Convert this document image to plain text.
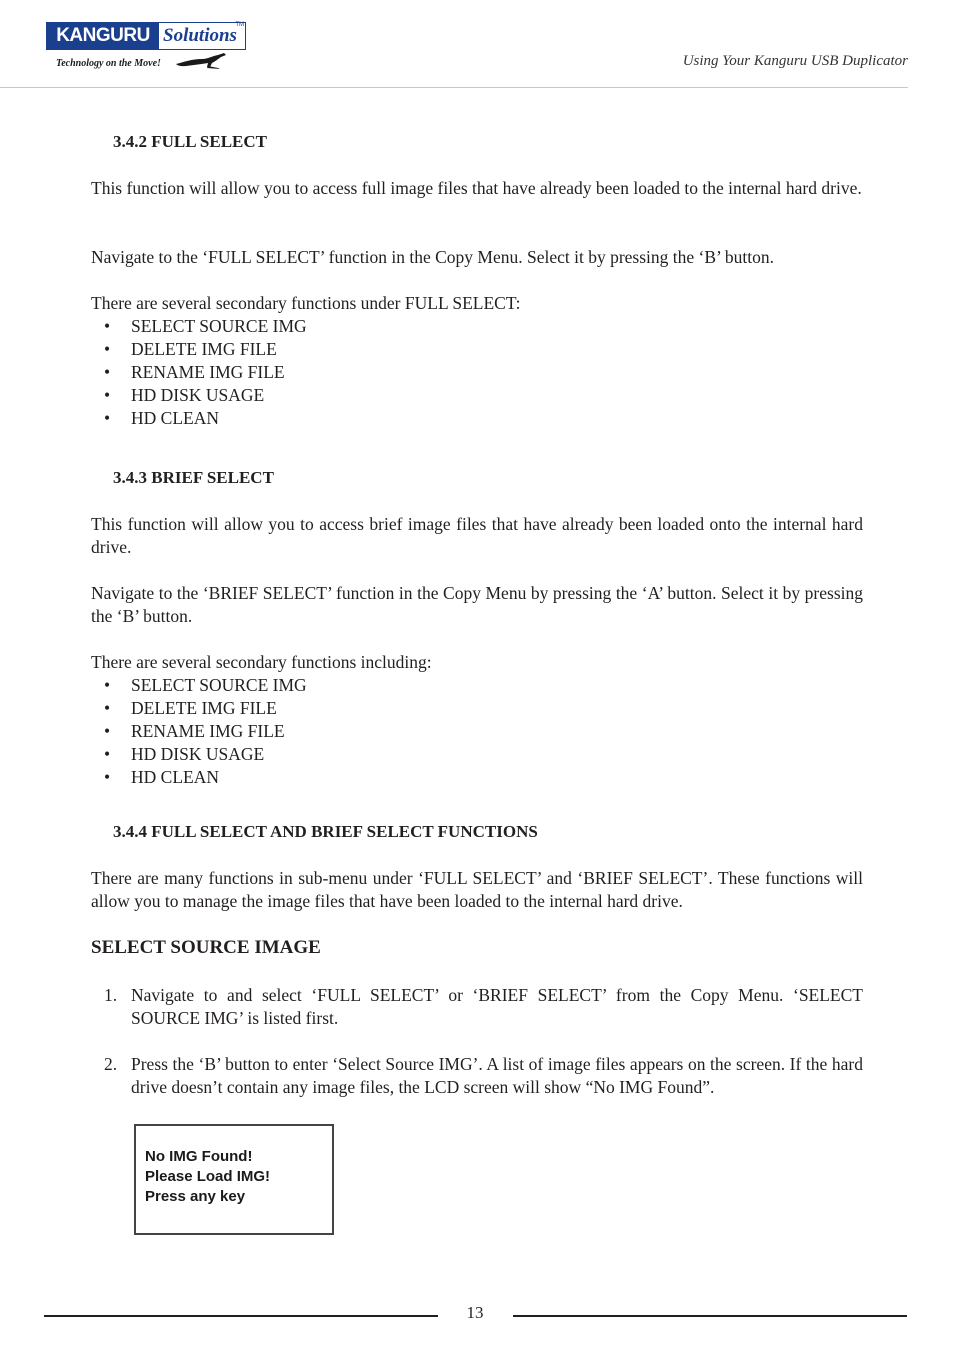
KANGURU Solutions
TM
Technology on the Move!	Using Your Kanguru USB Duplicator
3.4.2 FULL SELECT
This function will allow you to access full image files that have already been loaded to the internal hard drive.
Navigate to the ‘FULL SELECT’ function in the Copy Menu. Select it by pressing the ‘B’ button.
There are several secondary functions under FULL SELECT:
• SELECT SOURCE IMG
• DELETE IMG FILE
• RENAME IMG FILE
• HD DISK USAGE
• HD CLEAN
3.4.3 BRIEF SELECT
This function will allow you to access brief image files that have already been loaded onto the internal hard drive.
Navigate to the ‘BRIEF SELECT’ function in the Copy Menu by pressing the ‘A’ button. Select it by pressing the ‘B’ button.
There are several secondary functions including:
• SELECT SOURCE IMG
• DELETE IMG FILE
• RENAME IMG FILE
• HD DISK USAGE
• HD CLEAN
3.4.4 FULL SELECT AND BRIEF SELECT FUNCTIONS
There are many functions in sub-menu under ‘FULL SELECT’ and ‘BRIEF SELECT’. These functions will allow you to manage the image files that have been loaded to the internal hard drive.
SELECT SOURCE IMAGE
1. Navigate to and select ‘FULL SELECT’ or ‘BRIEF SELECT’ from the Copy Menu. ‘SELECT SOURCE IMG’ is listed first.
2. Press the ‘B’ button to enter ‘Select Source IMG’. A list of image files appears on the screen. If the hard drive doesn’t contain any image files, the LCD screen will show “No IMG Found”.
No IMG Found!
Please Load IMG!
Press any key
13
